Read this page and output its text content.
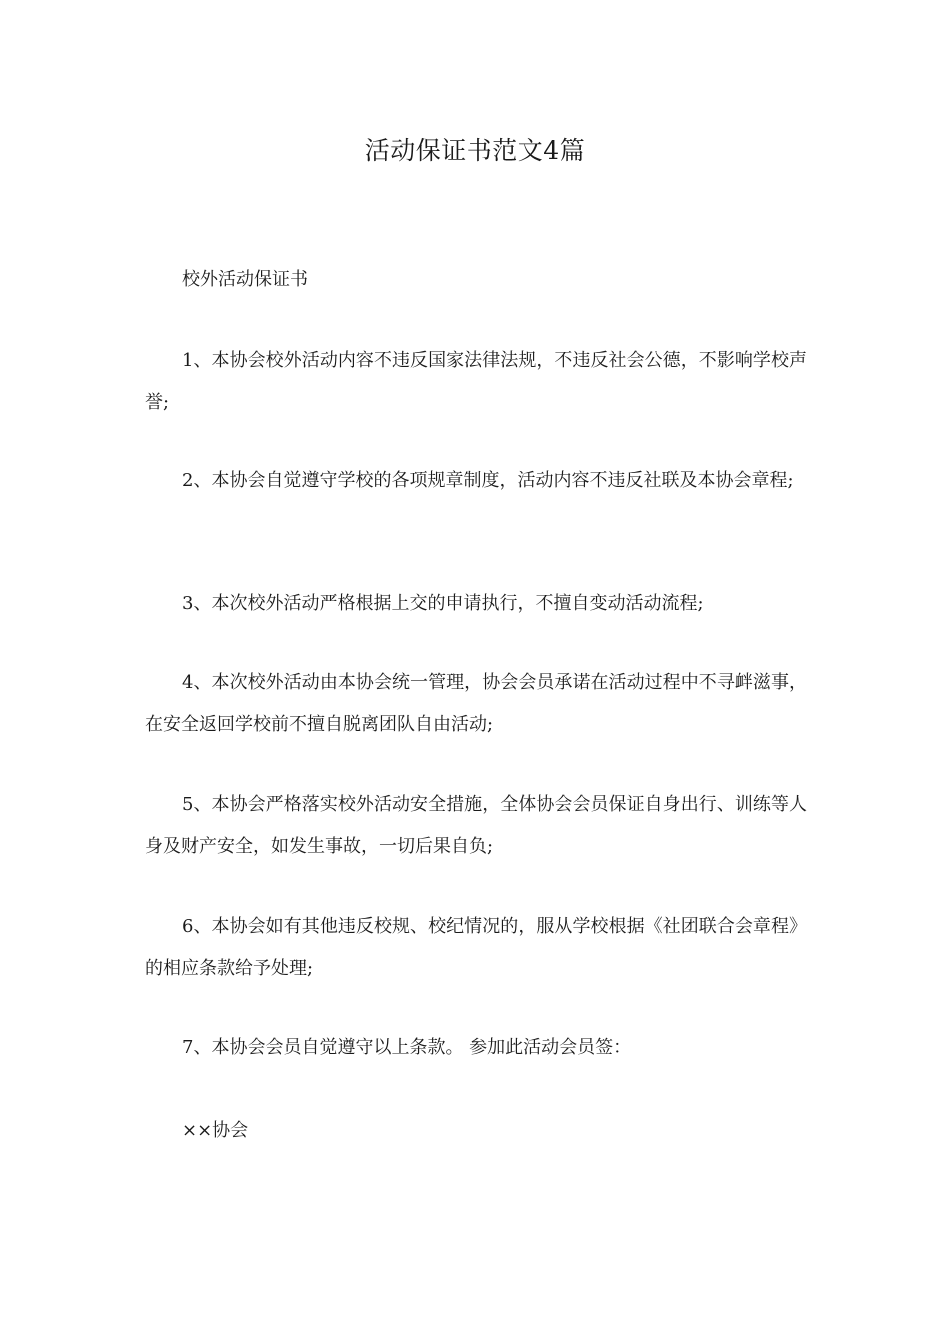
活动保证书范文4篇

校外活动保证书

1、本协会校外活动内容不违反国家法律法规，不违反社会公德，不影响学校声誉;

2、本协会自觉遵守学校的各项规章制度，活动内容不违反社联及本协会章程;

3、本次校外活动严格根据上交的申请执行，不擅自变动活动流程;

4、本次校外活动由本协会统一管理，协会会员承诺在活动过程中不寻衅滋事，在安全返回学校前不擅自脱离团队自由活动;

5、本协会严格落实校外活动安全措施，全体协会会员保证自身出行、训练等人身及财产安全，如发生事故，一切后果自负;

6、本协会如有其他违反校规、校纪情况的，服从学校根据《社团联合会章程》的相应条款给予处理;

7、本协会会员自觉遵守以上条款。 参加此活动会员签：

××协会
